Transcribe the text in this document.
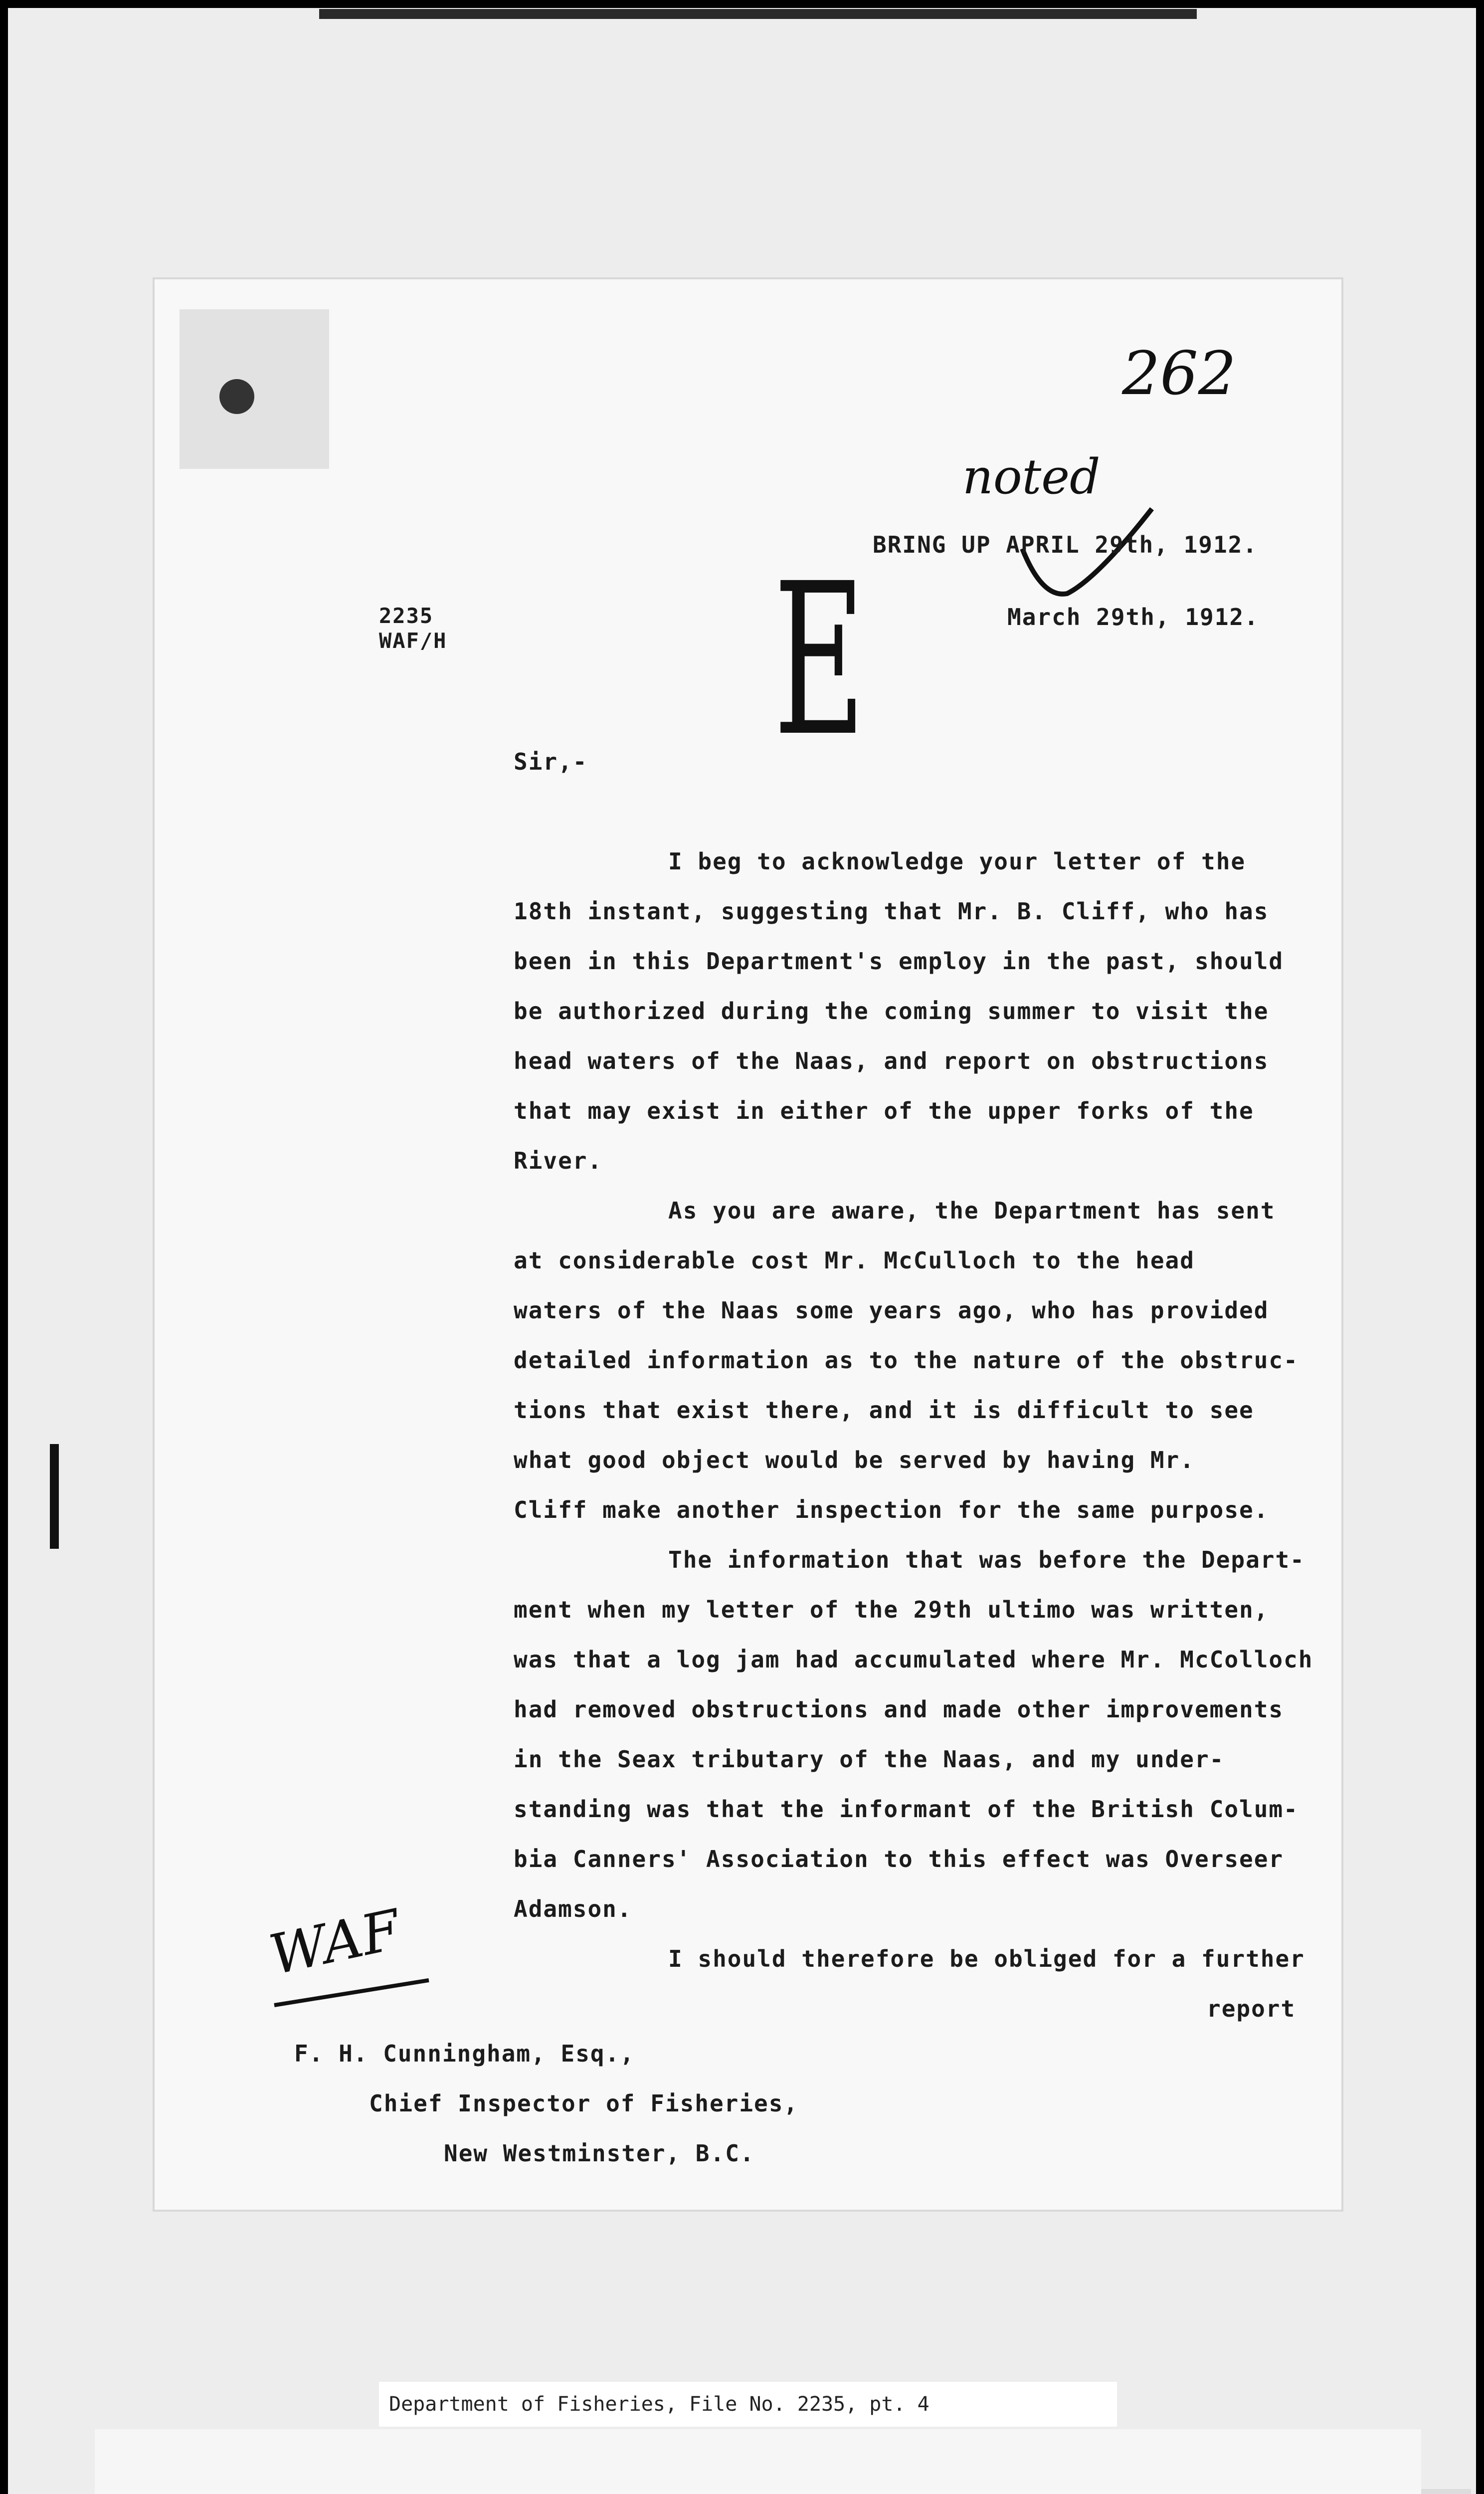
262
noted
BRING UP APRIL 29th, 1912.
March 29th, 1912.
2235
WAF/H E
Sir,-
I beg to acknowledge your letter of the
18th instant, suggesting that Mr. B. Cliff, who has
been in this Department's employ in the past, should
be authorized during the coming summer to visit the
head waters of the Naas, and report on obstructions
that may exist in either of the upper forks of the
River.
As you are aware, the Department has sent
at considerable cost Mr. McCulloch to the head
waters of the Naas some years ago, who has provided
detailed information as to the nature of the obstruc-
tions that exist there, and it is difficult to see
what good object would be served by having Mr.
Cliff make another inspection for the same purpose.
The information that was before the Depart-
ment when my letter of the 29th ultimo was written,
was that a log jam had accumulated where Mr. McColloch
had removed obstructions and made other improvements
in the Seax tributary of the Naas, and my under-
standing was that the informant of the British Colum-
bia Canners' Association to this effect was Overseer
Adamson.
I should therefore be obliged for a further
report
WAF
F. H. Cunningham, Esq.,
Chief Inspector of Fisheries,
New Westminster, B.C.
Department of Fisheries, File No. 2235, pt. 4
